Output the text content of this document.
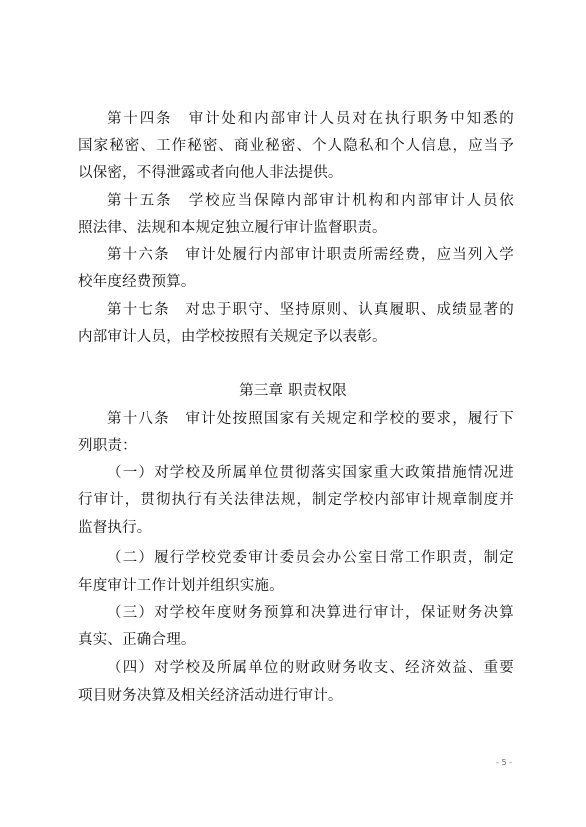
第十四条　审计处和内部审计人员对在执行职务中知悉的
国家秘密、工作秘密、商业秘密、个人隐私和个人信息，应当予
以保密，不得泄露或者向他人非法提供。
第十五条　学校应当保障内部审计机构和内部审计人员依
照法律、法规和本规定独立履行审计监督职责。
第十六条　审计处履行内部审计职责所需经费，应当列入学
校年度经费预算。
第十七条　对忠于职守、坚持原则、认真履职、成绩显著的
内部审计人员，由学校按照有关规定予以表彰。
第三章 职责权限
第十八条　审计处按照国家有关规定和学校的要求，履行下
列职责：
（一）对学校及所属单位贯彻落实国家重大政策措施情况进
行审计，贯彻执行有关法律法规，制定学校内部审计规章制度并
监督执行。
（二）履行学校党委审计委员会办公室日常工作职责，制定
年度审计工作计划并组织实施。
（三）对学校年度财务预算和决算进行审计，保证财务决算
真实、正确合理。
（四）对学校及所属单位的财政财务收支、经济效益、重要
项目财务决算及相关经济活动进行审计。
- 5 -
